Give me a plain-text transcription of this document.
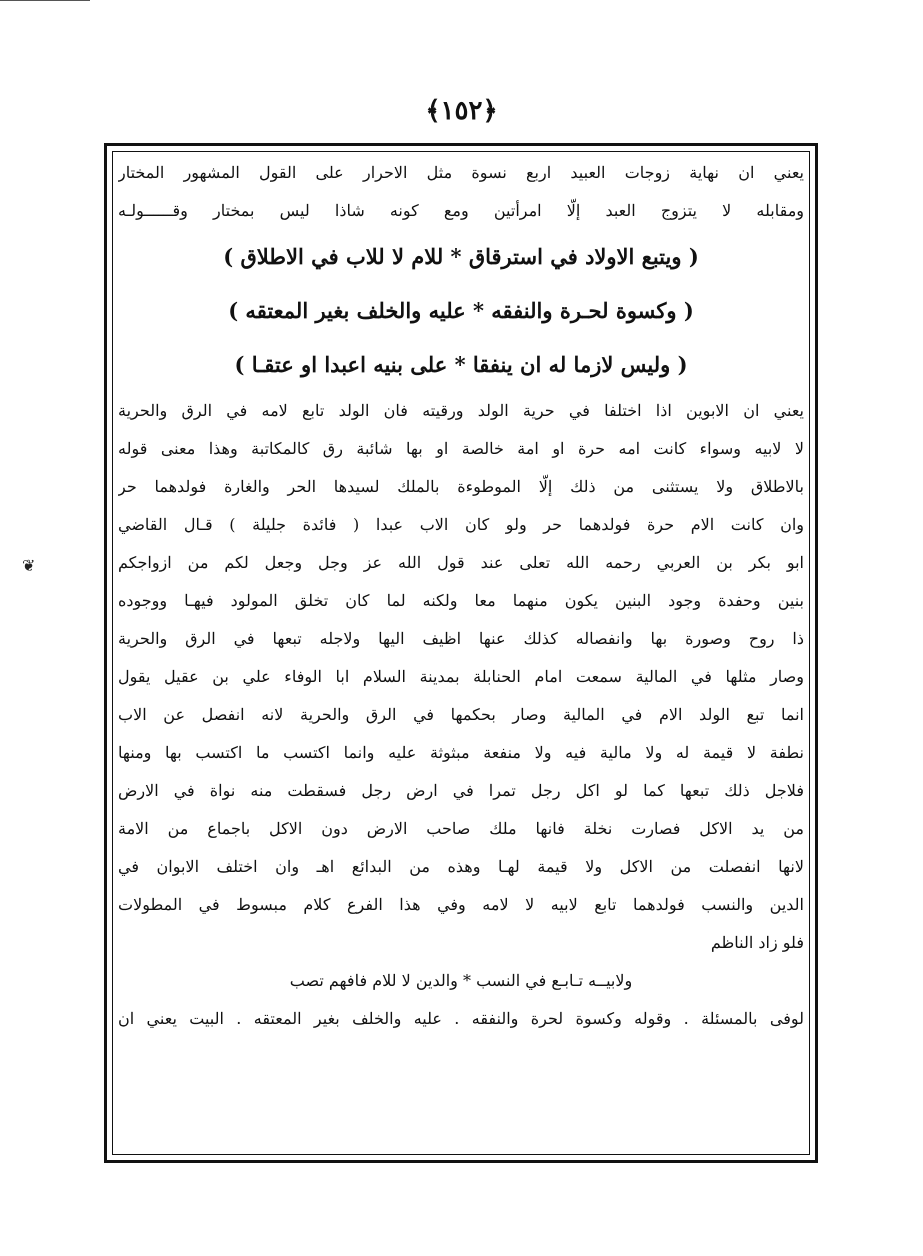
❦
﴿١٥٢﴾
يعني ان نهاية زوجات العبيد اربع نسوة مثل الاحرار على القول المشهور المختار
ومقابله لا يتزوج العبد إلّا امرأتين ومع كونه شاذا ليس بمختار وقــــــولـه
( ويتبع الاولاد في استرقاق * للام لا للاب في الاطلاق )
( وكسوة لحـرة والنفقه * عليه والخلف بغير المعتقه )
( وليس لازما له ان ينفقا * على بنيه اعبدا او عتقـا )
يعني ان الابوين اذا اختلفا في حرية الولد ورقيته فان الولد تابع لامه في الرق والحرية
لا لابيه وسواء كانت امه حرة او امة خالصة او بها شائبة رق كالمكاتبة وهذا معنى قوله
بالاطلاق ولا يستثنى من ذلك إلّا الموطوءة بالملك لسيدها الحر والغارة فولدهما حر
وان كانت الام حرة فولدهما حر ولو كان الاب عبدا ( فائدة جليلة ) قـال القاضي
ابو بكر بن العربي رحمه الله تعلى عند قول الله عز وجل وجعل لكم من ازواجكم
بنين وحفدة وجود البنين يكون منهما معا ولكنه لما كان تخلق المولود فيهـا ووجوده
ذا روح وصورة بها وانفصاله كذلك عنها اظيف اليها ولاجله تبعها في الرق والحرية
وصار مثلها في المالية سمعت امام الحنابلة بمدينة السلام ابا الوفاء علي بن عقيل يقول
انما تبع الولد الام في المالية وصار بحكمها في الرق والحرية لانه انفصل عن الاب
نطفة لا قيمة له ولا مالية فيه ولا منفعة مبثوثة عليه وانما اكتسب ما اكتسب بها ومنها
فلاجل ذلك تبعها كما لو اكل رجل تمرا في ارض رجل فسقطت منه نواة في الارض
من يد الاكل فصارت نخلة فانها ملك صاحب الارض دون الاكل باجماع من الامة
لانها انفصلت من الاكل ولا قيمة لهـا وهذه من البدائع اهـ وان اختلف الابوان في
الدين والنسب فولدهما تابع لابيه لا لامه وفي هذا الفرع كلام مبسوط في المطولات
فلو زاد الناظم
ولابيــه تـابـع في النسب * والدين لا للام فافهم تصب
لوفى بالمسئلة . وقوله وكسوة لحرة والنفقه . عليه والخلف بغير المعتقه . البيت يعني ان
